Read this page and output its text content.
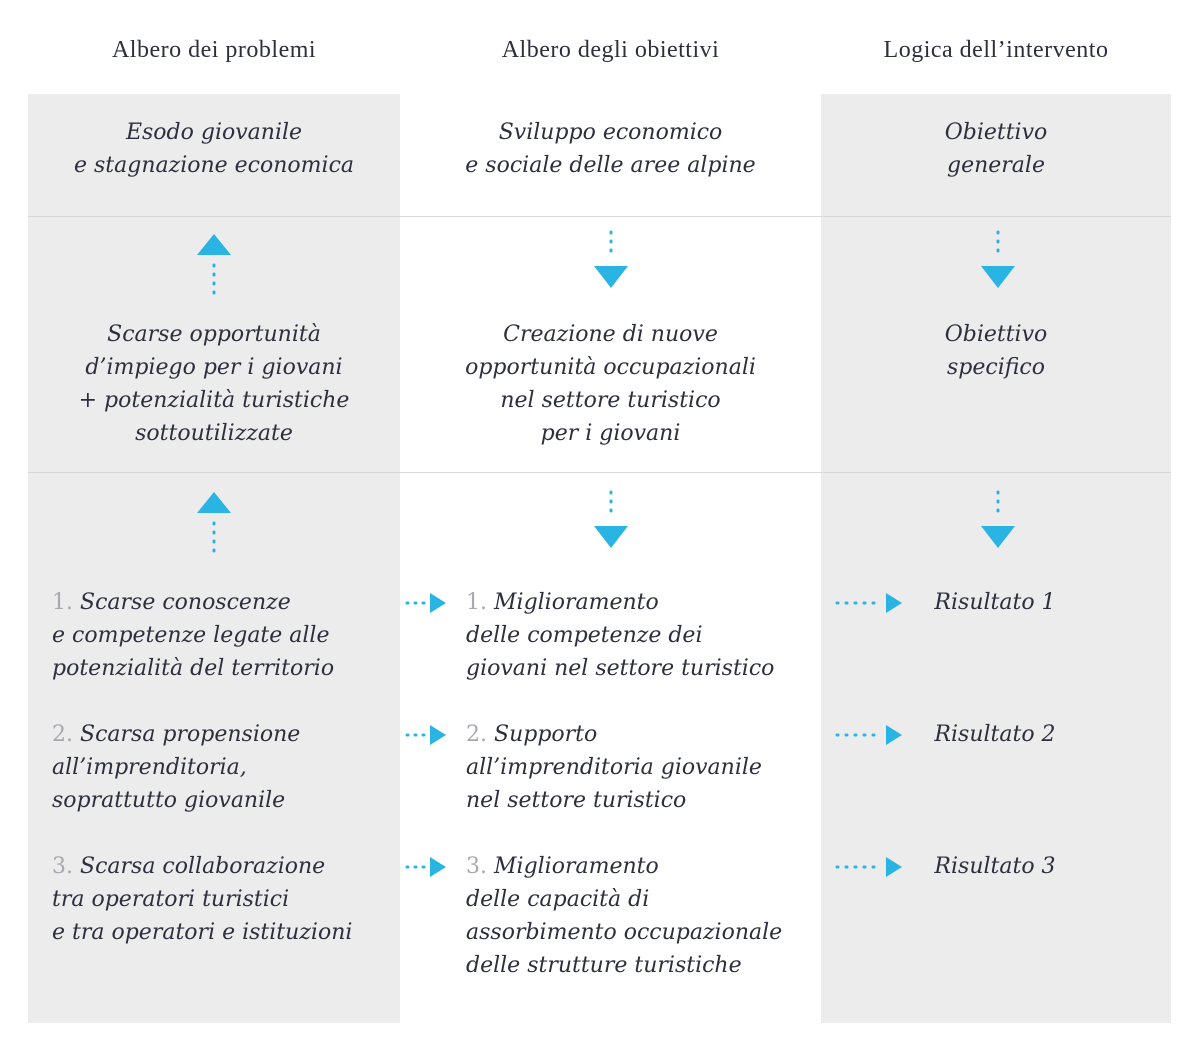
Albero dei problemi	Albero degli obiettivi	Logica dell’intervento
Esodo giovanile
e stagnazione economica
Sviluppo economico
e sociale delle aree alpine
Obiettivo
generale
Scarse opportunità
d’impiego per i giovani
+ potenzialità turistiche
sottoutilizzate
Creazione di nuove
opportunità occupazionali
nel settore turistico
per i giovani
Obiettivo
specifico
1. Scarse conoscenze
e competenze legate alle
potenzialità del territorio
2. Scarsa propensione
all’imprenditoria,
soprattutto giovanile
3. Scarsa collaborazione
tra operatori turistici
e tra operatori e istituzioni
1. Miglioramento
delle competenze dei
giovani nel settore turistico
2. Supporto
all’imprenditoria giovanile
nel settore turistico
3. Miglioramento
delle capacità di
assorbimento occupazionale
delle strutture turistiche
Risultato 1
Risultato 2
Risultato 3
